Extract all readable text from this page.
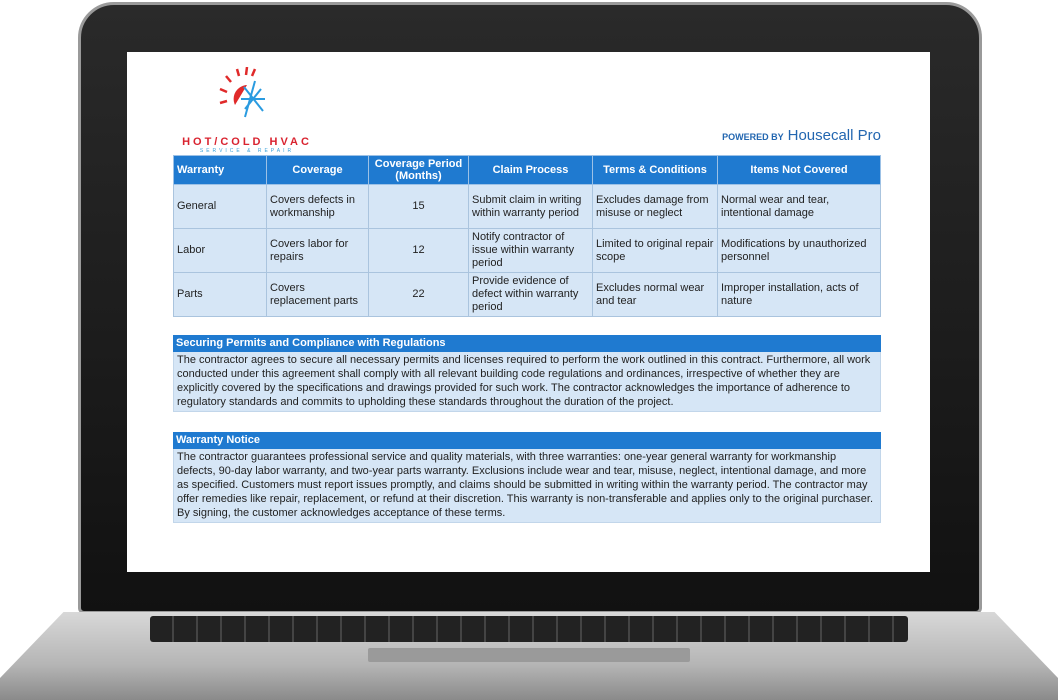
HOT/COLD HVAC
SERVICE & REPAIR
POWERED BY Housecall Pro
Warranty	Coverage	Coverage Period (Months)	Claim Process	Terms & Conditions	Items Not Covered
General	Covers defects in workmanship	15	Submit claim in writing within warranty period	Excludes damage from misuse or neglect	Normal wear and tear, intentional damage
Labor	Covers labor for repairs	12	Notify contractor of issue within warranty period	Limited to original repair scope	Modifications by unauthorized personnel
Parts	Covers replacement parts	22	Provide evidence of defect within warranty period	Excludes normal wear and tear	Improper installation, acts of nature
Securing Permits and Compliance with Regulations
The contractor agrees to secure all necessary permits and licenses required to perform the work outlined in this contract. Furthermore, all work conducted under this agreement shall comply with all relevant building code regulations and ordinances, irrespective of whether they are explicitly covered by the specifications and drawings provided for such work. The contractor acknowledges the importance of adherence to regulatory standards and commits to upholding these standards throughout the duration of the project.
Warranty Notice
The contractor guarantees professional service and quality materials, with three warranties: one-year general warranty for workmanship defects, 90-day labor warranty, and two-year parts warranty. Exclusions include wear and tear, misuse, neglect, intentional damage, and more as specified. Customers must report issues promptly, and claims should be submitted in writing within the warranty period. The contractor may offer remedies like repair, replacement, or refund at their discretion. This warranty is non-transferable and applies only to the original purchaser. By signing, the customer acknowledges acceptance of these terms.
